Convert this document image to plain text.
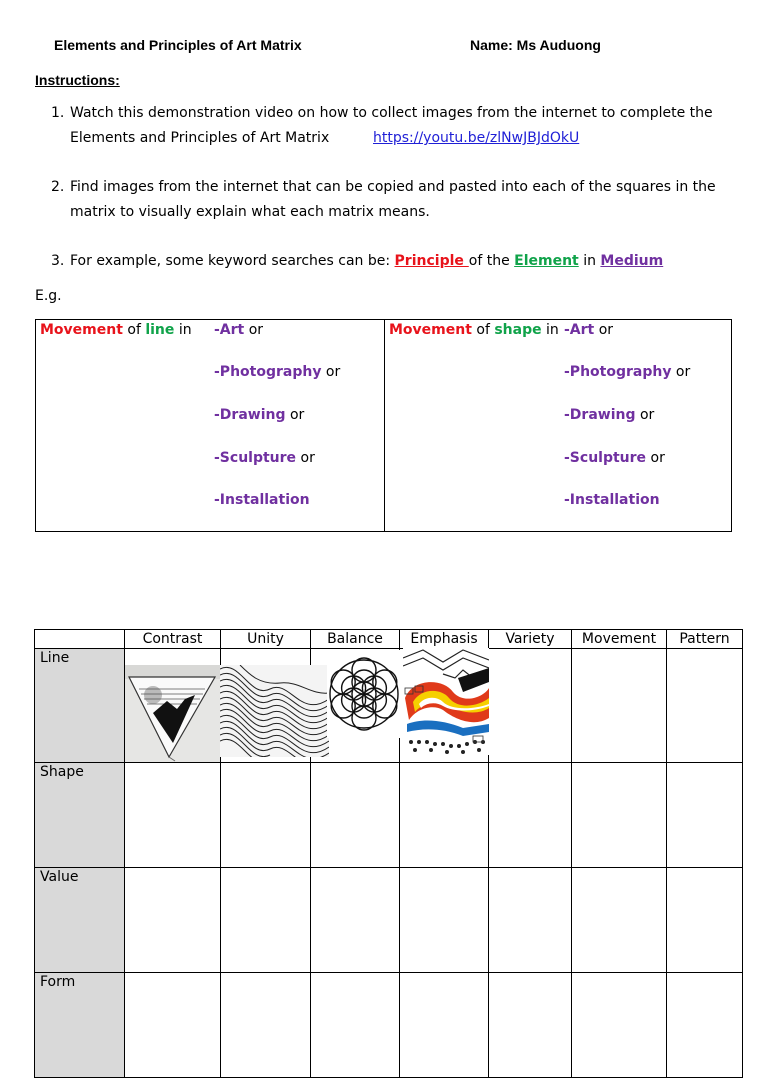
Elements and Principles of Art Matrix	Name: Ms Auduong
Instructions:
1. Watch this demonstration video on how to collect images from the internet to complete the
Elements and Principles of Art Matrix	https://youtu.be/zlNwJBJdOkU
2. Find images from the internet that can be copied and pasted into each of the squares in the
matrix to visually explain what each matrix means.
3. For example, some keyword searches can be: Principle of the Element in Medium
E.g.
Movement of line in -Art or
-Photography or
-Drawing or
-Sculpture or
-Installation
Movement of shape in -Art or
-Photography or
-Drawing or
-Sculpture or
-Installation
	Contrast	Unity	Balance	Emphasis	Variety	Movement	Pattern
Line							
Shape							
Value							
Form							
